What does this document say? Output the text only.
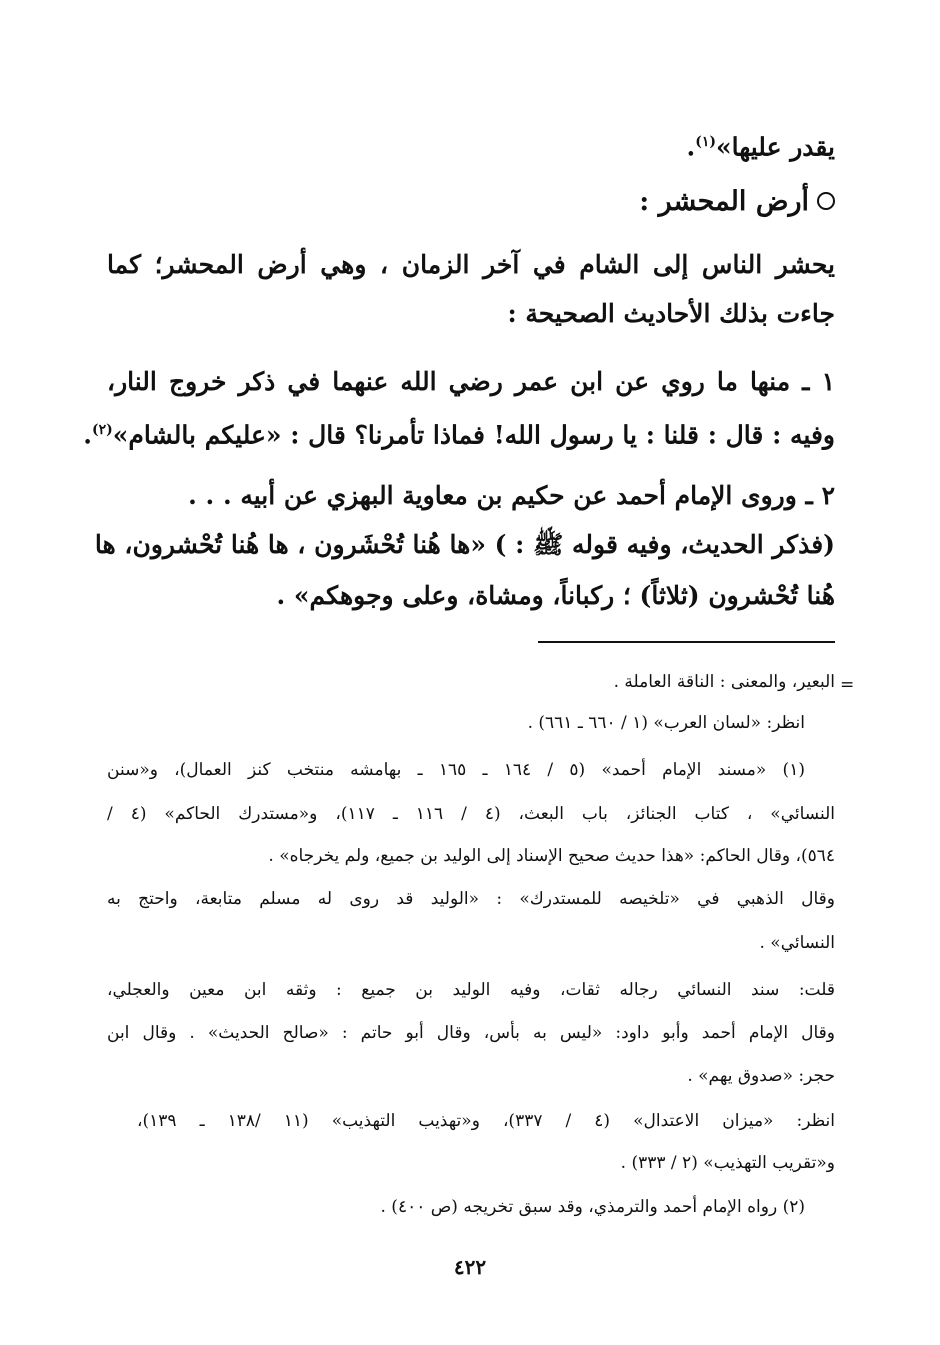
يقدر عليها»$^{(١)}$.
أرض المحشر :
يحشر الناس إلى الشام في آخر الزمان ، وهي أرض المحشر؛ كما
جاءت بذلك الأحاديث الصحيحة :
١ ـ منها ما روي عن ابن عمر رضي الله عنهما في ذكر خروج النار،
وفيه : قال : قلنا : يا رسول الله! فماذا تأمرنا؟ قال : «عليكم بالشام»$^{(٢)}$.
٢ ـ وروى الإمام أحمد عن حكيم بن معاوية البهزي عن أبيه . . .
(فذكر الحديث، وفيه قوله ﷺ : ) «ها هُنا تُحْشَرون ، ها هُنا تُحْشرون، ها
هُنا تُحْشرون (ثلاثاً) ؛ ركباناً، ومشاة، وعلى وجوهكم» .
=
البعير، والمعنى : الناقة العاملة .
انظر: «لسان العرب» (١ / ٦٦٠ ـ ٦٦١) .
(١) «مسند الإمام أحمد» (٥ / ١٦٤ ـ ١٦٥ ـ بهامشه منتخب كنز العمال)، و«سنن
النسائي» ، كتاب الجنائز، باب البعث، (٤ / ١١٦ ـ ١١٧)، و«مستدرك الحاكم» (٤ /
٥٦٤)، وقال الحاكم: «هذا حديث صحيح الإسناد إلى الوليد بن جميع، ولم يخرجاه» .
وقال الذهبي في «تلخيصه للمستدرك» : «الوليد قد روى له مسلم متابعة، واحتج به
النسائي» .
قلت: سند النسائي رجاله ثقات، وفيه الوليد بن جميع : وثقه ابن معين والعجلي،
وقال الإمام أحمد وأبو داود: «ليس به بأس، وقال أبو حاتم : «صالح الحديث» . وقال ابن
حجر: «صدوق يهم» .
انظر: «ميزان الاعتدال» (٤ / ٣٣٧)، و«تهذيب التهذيب» (١١ /١٣٨ ـ ١٣٩)،
و«تقريب التهذيب» (٢ / ٣٣٣) .
(٢) رواه الإمام أحمد والترمذي، وقد سبق تخريجه (ص ٤٠٠) .
٤٢٢
